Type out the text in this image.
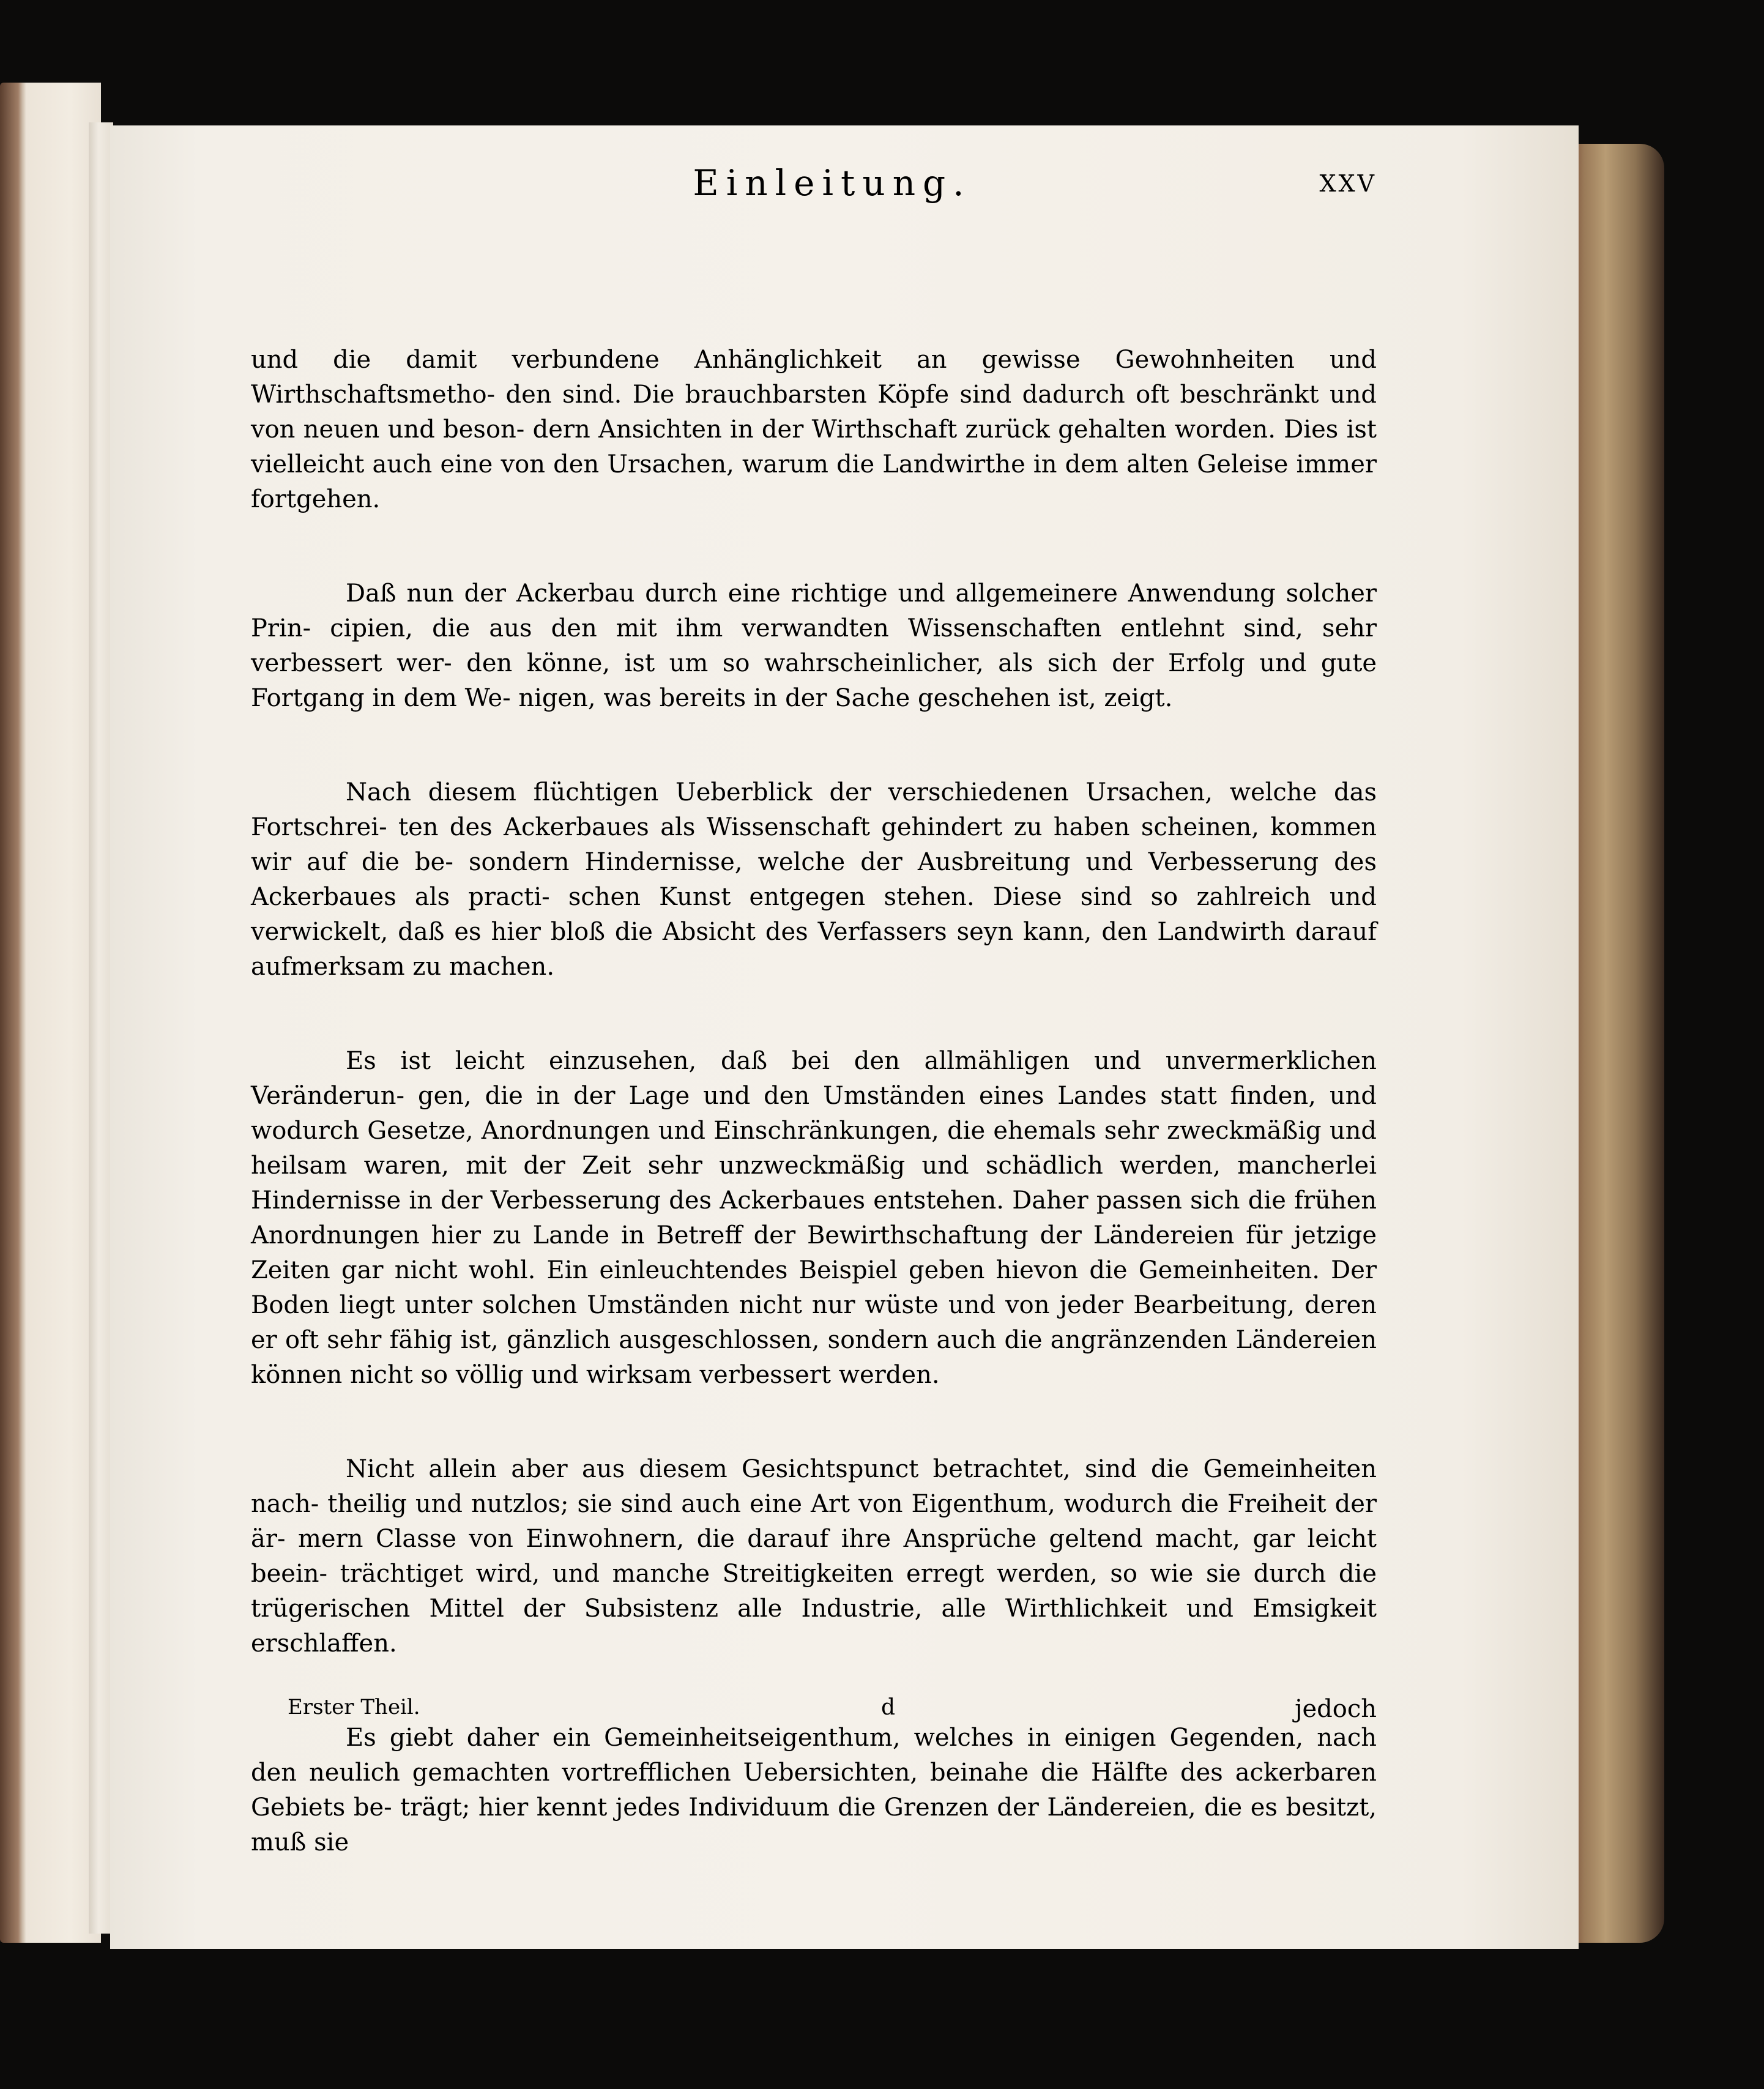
Einleitung.	XXV

und die damit verbundene Anhänglichkeit an gewisse Gewohnheiten und Wirthschaftsmetho- den sind. Die brauchbarsten Köpfe sind dadurch oft beschränkt und von neuen und beson- dern Ansichten in der Wirthschaft zurück gehalten worden. Dies ist vielleicht auch eine von den Ursachen, warum die Landwirthe in dem alten Geleise immer fortgehen.

Daß nun der Ackerbau durch eine richtige und allgemeinere Anwendung solcher Prin- cipien, die aus den mit ihm verwandten Wissenschaften entlehnt sind, sehr verbessert wer- den könne, ist um so wahrscheinlicher, als sich der Erfolg und gute Fortgang in dem We- nigen, was bereits in der Sache geschehen ist, zeigt.

Nach diesem flüchtigen Ueberblick der verschiedenen Ursachen, welche das Fortschrei- ten des Ackerbaues als Wissenschaft gehindert zu haben scheinen, kommen wir auf die be- sondern Hindernisse, welche der Ausbreitung und Verbesserung des Ackerbaues als practi- schen Kunst entgegen stehen. Diese sind so zahlreich und verwickelt, daß es hier bloß die Absicht des Verfassers seyn kann, den Landwirth darauf aufmerksam zu machen.

Es ist leicht einzusehen, daß bei den allmähligen und unvermerklichen Veränderun- gen, die in der Lage und den Umständen eines Landes statt finden, und wodurch Gesetze, Anordnungen und Einschränkungen, die ehemals sehr zweckmäßig und heilsam waren, mit der Zeit sehr unzweckmäßig und schädlich werden, mancherlei Hindernisse in der Verbesserung des Ackerbaues entstehen. Daher passen sich die frühen Anordnungen hier zu Lande in Betreff der Bewirthschaftung der Ländereien für jetzige Zeiten gar nicht wohl. Ein einleuchtendes Beispiel geben hievon die Gemeinheiten. Der Boden liegt unter solchen Umständen nicht nur wüste und von jeder Bearbeitung, deren er oft sehr fähig ist, gänzlich ausgeschlossen, sondern auch die angränzenden Ländereien können nicht so völlig und wirksam verbessert werden.

Nicht allein aber aus diesem Gesichtspunct betrachtet, sind die Gemeinheiten nach- theilig und nutzlos; sie sind auch eine Art von Eigenthum, wodurch die Freiheit der är- mern Classe von Einwohnern, die darauf ihre Ansprüche geltend macht, gar leicht beein- trächtiget wird, und manche Streitigkeiten erregt werden, so wie sie durch die trügerischen Mittel der Subsistenz alle Industrie, alle Wirthlichkeit und Emsigkeit erschlaffen.

Es giebt daher ein Gemeinheitseigenthum, welches in einigen Gegenden, nach den neulich gemachten vortrefflichen Uebersichten, beinahe die Hälfte des ackerbaren Gebiets be- trägt; hier kennt jedes Individuum die Grenzen der Ländereien, die es besitzt, muß sie

Erster Theil.	d	jedoch
